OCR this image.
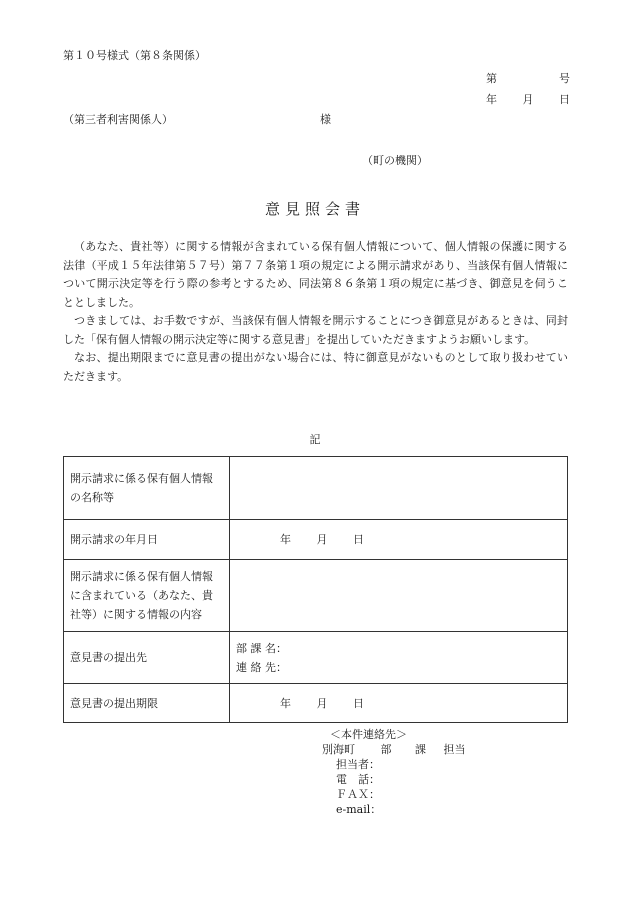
第１０号様式（第８条関係）
第	号
年 月 日
（第三者利害関係人）	様
（町の機関）
意見照会書

（あなた、貴社等）に関する情報が含まれている保有個人情報について、個人情報の保護に関する法律（平成１５年法律第５７号）第７７条第１項の規定による開示請求があり、当該保有個人情報について開示決定等を行う際の参考とするため、同法第８６条第１項の規定に基づき、御意見を伺うこととしました。

つきましては、お手数ですが、当該保有個人情報を開示することにつき御意見があるときは、同封した「保有個人情報の開示決定等に関する意見書」を提出していただきますようお願いします。

なお、提出期限までに意見書の提出がない場合には、特に御意見がないものとして取り扱わせていただきます。

記
開示請求に係る保有個人情報の名称等	
開示請求の年月日	年 月 日
開示請求に係る保有個人情報に含まれている（あなた、貴社等）に関する情報の内容	
意見書の提出先	部 課 名：
連 絡 先：

意見書の提出期限	年 月 日
＜本件連絡先＞
別海町 部 課 担当
担当者：
電　話：
ＦＡＸ：
e-mail：
